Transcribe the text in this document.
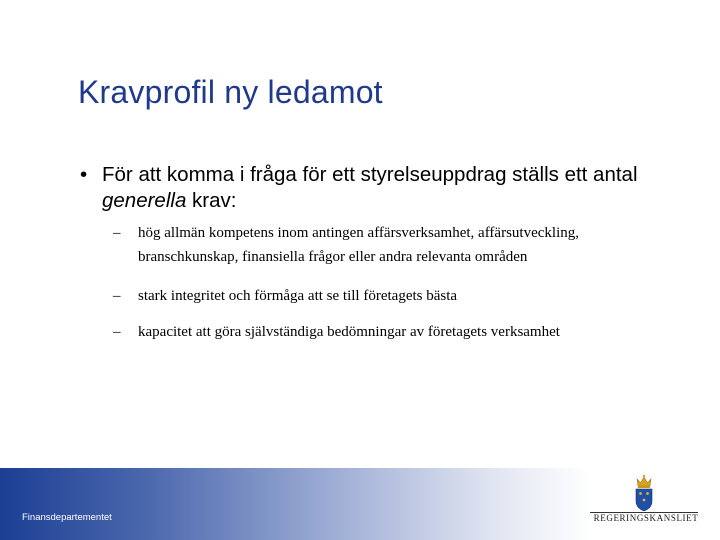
Kravprofil ny ledamot
• För att komma i fråga för ett styrelseuppdrag ställs ett antal generella krav:
– hög allmän kompetens inom antingen affärsverksamhet, affärsutveckling, branschkunskap, finansiella frågor eller andra relevanta områden
– stark integritet och förmåga att se till företagets bästa
– kapacitet att göra självständiga bedömningar av företagets verksamhet
Finansdepartementet	REGERINGSKANSLIET
